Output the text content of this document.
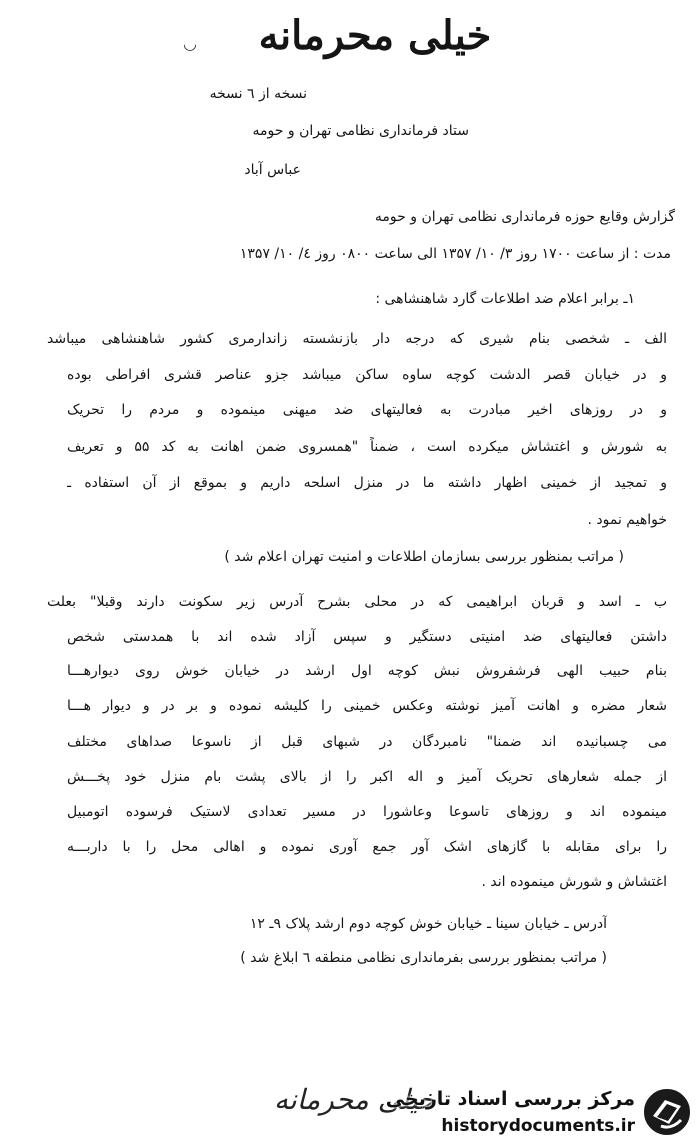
خیلی محرمانه
◡
نسخه از ٦ نسخه
ستاد فرمانداری نظامی تهران و حومه
عباس آباد
گزارش وقایع حوزه فرمانداری نظامی تهران و حومه
مدت : از ساعت ۱۷۰۰ روز ۳/ ۱۰/ ۱۳۵۷ الی ساعت ۰۸۰۰ روز ٤/ ۱۰/ ۱۳۵۷
۱ـ برابر اعلام ضد اطلاعات گارد شاهنشاهی :
الف ـ شخصی بنام شیری که درجه دار بازنشسته زاندارمری کشور شاهنشاهی میباشد
و در خیابان قصر الدشت کوچه ساوه ساکن میباشد جزو عناصر قشری افراطی بوده
و در روزهای اخیر مبادرت به فعالیتهای ضد میهنی مینموده و مردم را تحریک
به شورش و اغتشاش میکرده است ، ضمناً "همسروی ضمن اهانت به کد ۵۵ و تعریف
و تمجید از خمینی اظهار داشته ما در منزل اسلحه داریم و بموقع از آن استفاده ـ
خواهیم نمود .
( مراتب بمنظور بررسی بسازمان اطلاعات و امنیت تهران اعلام شد )
ب ـ اسد و قربان ابراهیمی که در محلی بشرح آدرس زیر سکونت دارند وقبلا" بعلت
داشتن فعالیتهای ضد امنیتی دستگیر و سپس آزاد شده اند با همدستی شخص
بنام حبیب الهی فرشفروش نبش کوچه اول ارشد در خیابان خوش روی دیوارهـــا
شعار مضره و اهانت آمیز نوشته وعکس خمینی را کلیشه نموده و بر در و دیوار هـــا
می چسبانیده اند ضمنا" نامبردگان در شبهای قبل از ناسوعا صداهای مختلف
از جمله شعارهای تحریک آمیز و اله اکبر را از بالای پشت بام منزل خود پخـــش
مینموده اند و روزهای تاسوعا وعاشورا در مسیر تعدادی لاستیک فرسوده اتومبیل
را برای مقابله با گازهای اشک آور جمع آوری نموده و اهالی محل را با داربـــه
اغتشاش و شورش مینموده اند .
آدرس ـ خیابان سینا ـ خیابان خوش کوچه دوم ارشد پلاک ۹ـ ۱۲
( مراتب بمنظور بررسی بفرمانداری نظامی منطقه ٦ ابلاغ شد )
خیلی محرمانه
مرکز بررسی اسناد تاریخی
historydocuments.ir
